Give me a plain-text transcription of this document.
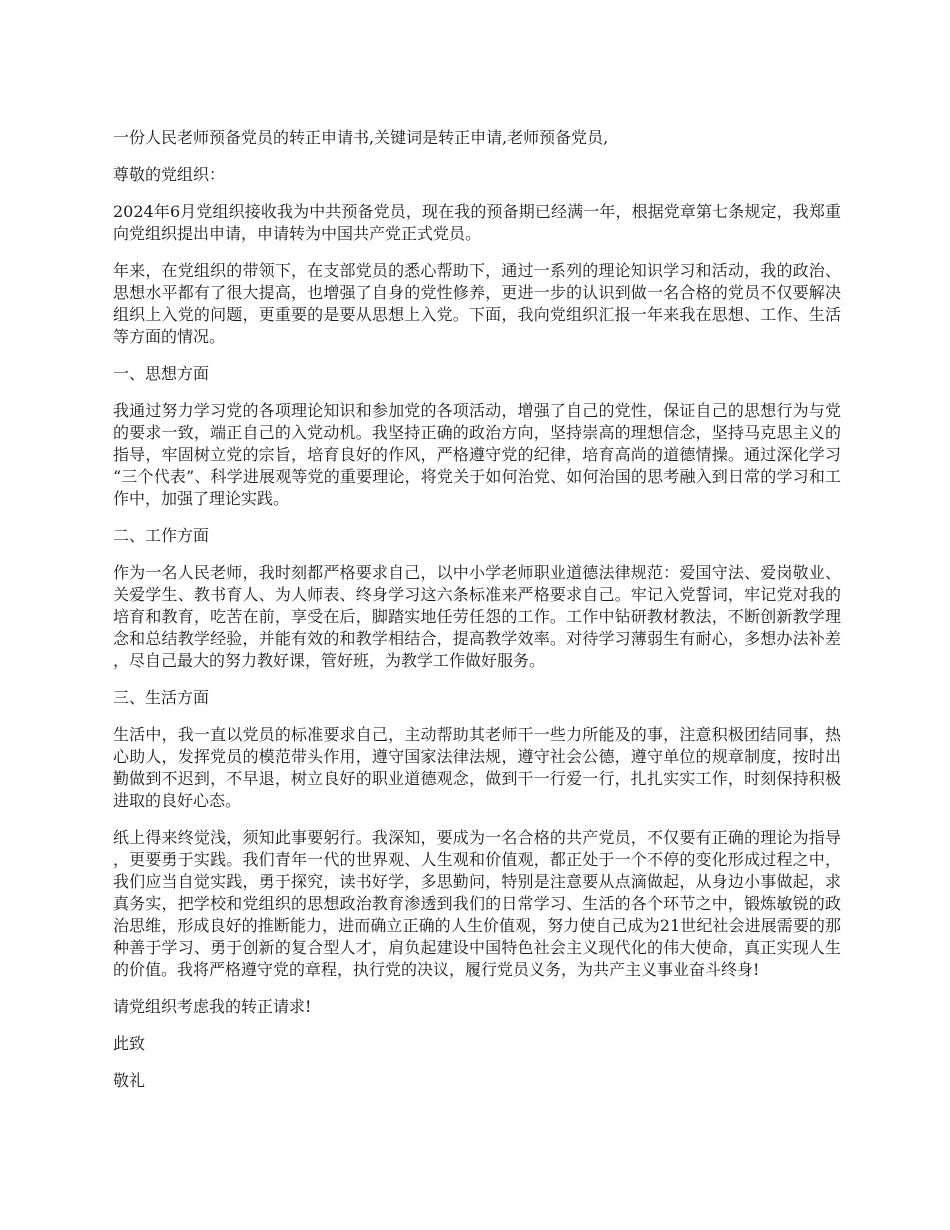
一份人民老师预备党员的转正申请书,关键词是转正申请,老师预备党员,

尊敬的党组织：

2024年6月党组织接收我为中共预备党员，现在我的预备期已经满一年，根据党章第七条规定，我郑重向党组织提出申请，申请转为中国共产党正式党员。

年来，在党组织的带领下，在支部党员的悉心帮助下，通过一系列的理论知识学习和活动，我的政治、思想水平都有了很大提高，也增强了自身的党性修养，更进一步的认识到做一名合格的党员不仅要解决组织上入党的问题，更重要的是要从思想上入党。下面，我向党组织汇报一年来我在思想、工作、生活等方面的情况。

一、思想方面

我通过努力学习党的各项理论知识和参加党的各项活动，增强了自己的党性，保证自己的思想行为与党的要求一致，端正自己的入党动机。我坚持正确的政治方向，坚持崇高的理想信念，坚持马克思主义的指导，牢固树立党的宗旨，培育良好的作风，严格遵守党的纪律，培育高尚的道德情操。通过深化学习“三个代表”、科学进展观等党的重要理论，将党关于如何治党、如何治国的思考融入到日常的学习和工作中，加强了理论实践。

二、工作方面

作为一名人民老师，我时刻都严格要求自己，以中小学老师职业道德法律规范：爱国守法、爱岗敬业、关爱学生、教书育人、为人师表、终身学习这六条标准来严格要求自己。牢记入党誓词，牢记党对我的培育和教育，吃苦在前，享受在后，脚踏实地任劳任怨的工作。工作中钻研教材教法，不断创新教学理念和总结教学经验，并能有效的和教学相结合，提高教学效率。对待学习薄弱生有耐心，多想办法补差，尽自己最大的努力教好课，管好班，为教学工作做好服务。

三、生活方面

生活中，我一直以党员的标准要求自己，主动帮助其老师干一些力所能及的事，注意积极团结同事，热心助人，发挥党员的模范带头作用，遵守国家法律法规，遵守社会公德，遵守单位的规章制度，按时出勤做到不迟到，不早退，树立良好的职业道德观念，做到干一行爱一行，扎扎实实工作，时刻保持积极进取的良好心态。

纸上得来终觉浅，须知此事要躬行。我深知，要成为一名合格的共产党员，不仅要有正确的理论为指导，更要勇于实践。我们青年一代的世界观、人生观和价值观，都正处于一个不停的变化形成过程之中，我们应当自觉实践，勇于探究，读书好学，多思勤问，特别是注意要从点滴做起，从身边小事做起，求真务实，把学校和党组织的思想政治教育渗透到我们的日常学习、生活的各个环节之中，锻炼敏锐的政治思维，形成良好的推断能力，进而确立正确的人生价值观，努力使自己成为21世纪社会进展需要的那种善于学习、勇于创新的复合型人才，肩负起建设中国特色社会主义现代化的伟大使命，真正实现人生的价值。我将严格遵守党的章程，执行党的决议，履行党员义务，为共产主义事业奋斗终身!

请党组织考虑我的转正请求!

此致

敬礼
